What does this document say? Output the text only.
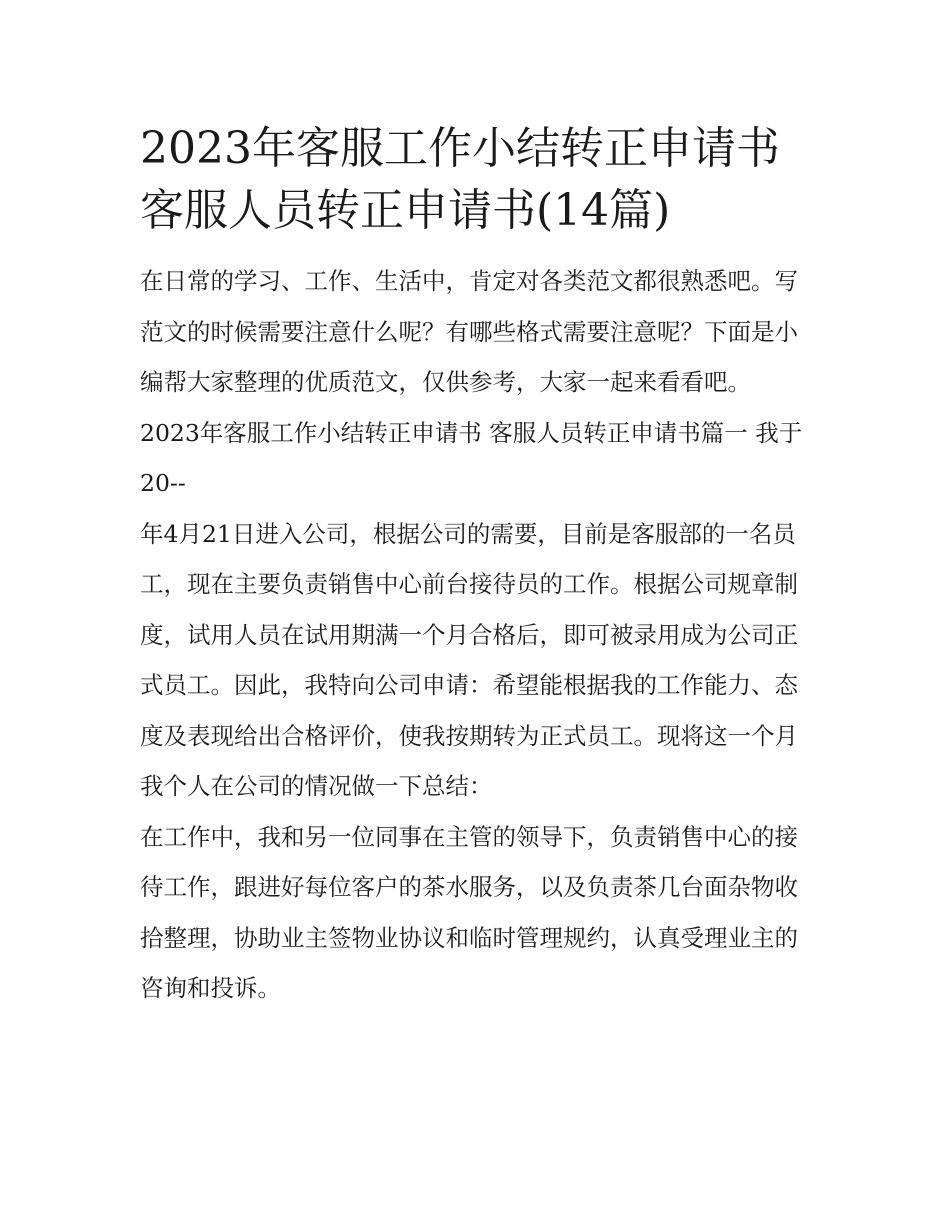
2023年客服工作小结转正申请书 客服人员转正申请书(14篇)

在日常的学习、工作、生活中，肯定对各类范文都很熟悉吧。写范文的时候需要注意什么呢？有哪些格式需要注意呢？下面是小编帮大家整理的优质范文，仅供参考，大家一起来看看吧。

2023年客服工作小结转正申请书 客服人员转正申请书篇一 我于20--

年4月21日进入公司，根据公司的需要，目前是客服部的一名员工，现在主要负责销售中心前台接待员的工作。根据公司规章制度，试用人员在试用期满一个月合格后，即可被录用成为公司正式员工。因此，我特向公司申请：希望能根据我的工作能力、态度及表现给出合格评价，使我按期转为正式员工。现将这一个月我个人在公司的情况做一下总结：

在工作中，我和另一位同事在主管的领导下，负责销售中心的接待工作，跟进好每位客户的茶水服务，以及负责茶几台面杂物收拾整理，协助业主签物业协议和临时管理规约，认真受理业主的咨询和投诉。
